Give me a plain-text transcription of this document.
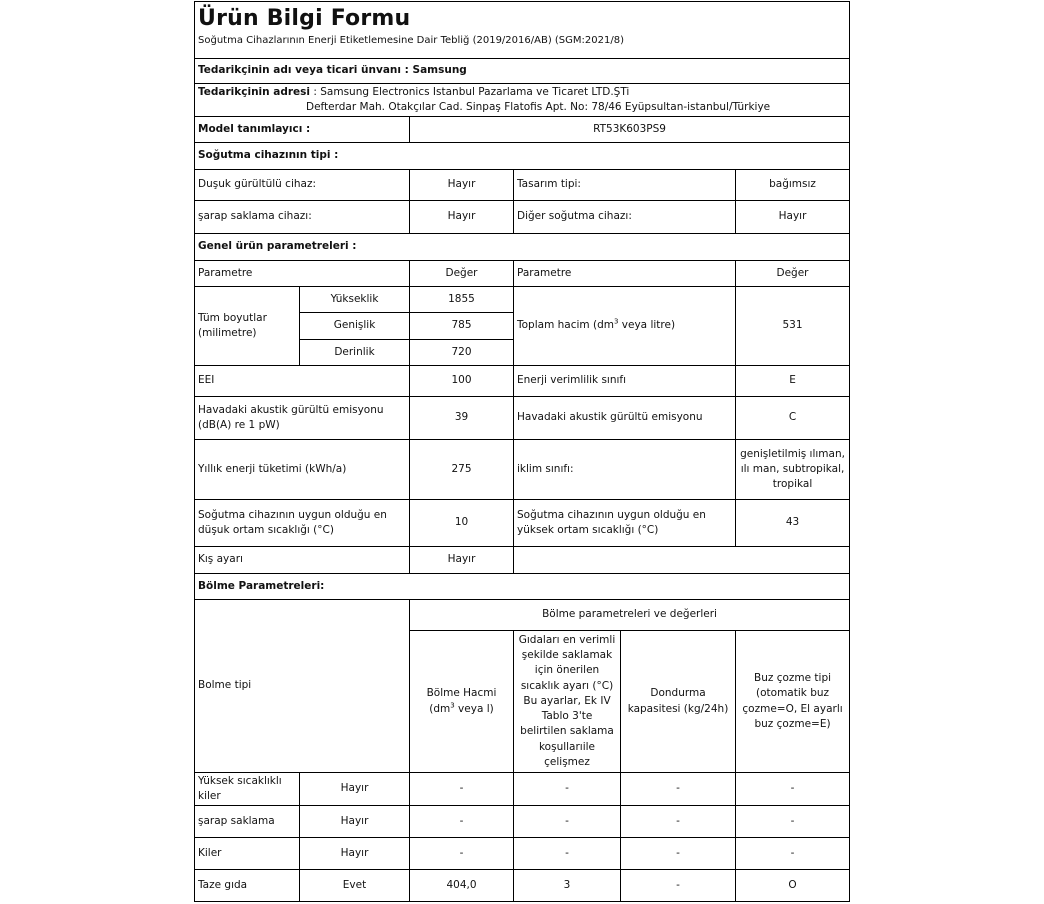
Ürün Bilgi Formu
Soğutma Cihazlarının Enerji Etiketlemesine Dair Tebliğ (2019/2016/AB) (SGM:2021/8)					

Tedarikçinin adı veya ticari ünvanı : Samsung					
Tedarikçinin adresi : Samsung Electronics Istanbul Pazarlama ve Ticaret LTD.ŞTi
Defterdar Mah. Otakçılar Cad. Sinpaş Flatofis Apt. No: 78/46 Eyüpsultan-istanbul/Türkiye					

Model tanımlayıcı :		RT53K603PS9			
Soğutma cihazının tipi :					
Duşuk gürültülü cihaz:		Hayır	Tasarım tipi:		bağımsız
şarap saklama cihazı:		Hayır	Diğer soğutma cihazı:		Hayır
Genel ürün parametreleri :					
Parametre		Değer	Parametre		Değer
Tüm boyutlar (milimetre)	Yükseklik	1855	Toplam hacim ($dm^3$ veya litre)		531
	Genişlik	785			
	Derinlik	720			
EEI		100	Enerji verimlilik sınıfı		E
Havadaki akustik gürültü emisyonu (dB(A) re 1 pW)		39	Havadaki akustik gürültü emisyonu		C
Yıllık enerji tüketimi (kWh/a)		275	iklim sınıfı:		genişletilmiş ılıman, ılı man, subtropikal, tropikal
Soğutma cihazının uygun olduğu en düşuk ortam sıcaklığı (°C)		10	Soğutma cihazının uygun olduğu en yüksek ortam sıcaklığı (°C)		43
Kış ayarı		Hayır			
Bölme Parametreleri:					
Bolme tipi		Bölme parametreleri ve değerleri			
		Bölme Hacmi ($dm^3$ veya l)	Gıdaları en verimli şekilde saklamak için önerilen sıcaklık ayarı (°C) Bu ayarlar, Ek IV Tablo 3'te belirtilen saklama koşullarıile çelişmez	Dondurma kapasitesi (kg/24h)	Buz çozme tipi (otomatik buz çozme=O, El ayarlı buz çozme=E)
Yüksek sıcaklıklı kiler	Hayır	-	-	-	-
şarap saklama	Hayır	-	-	-	-
Kiler	Hayır	-	-	-	-
Taze gıda	Evet	404,0	3	-	O
